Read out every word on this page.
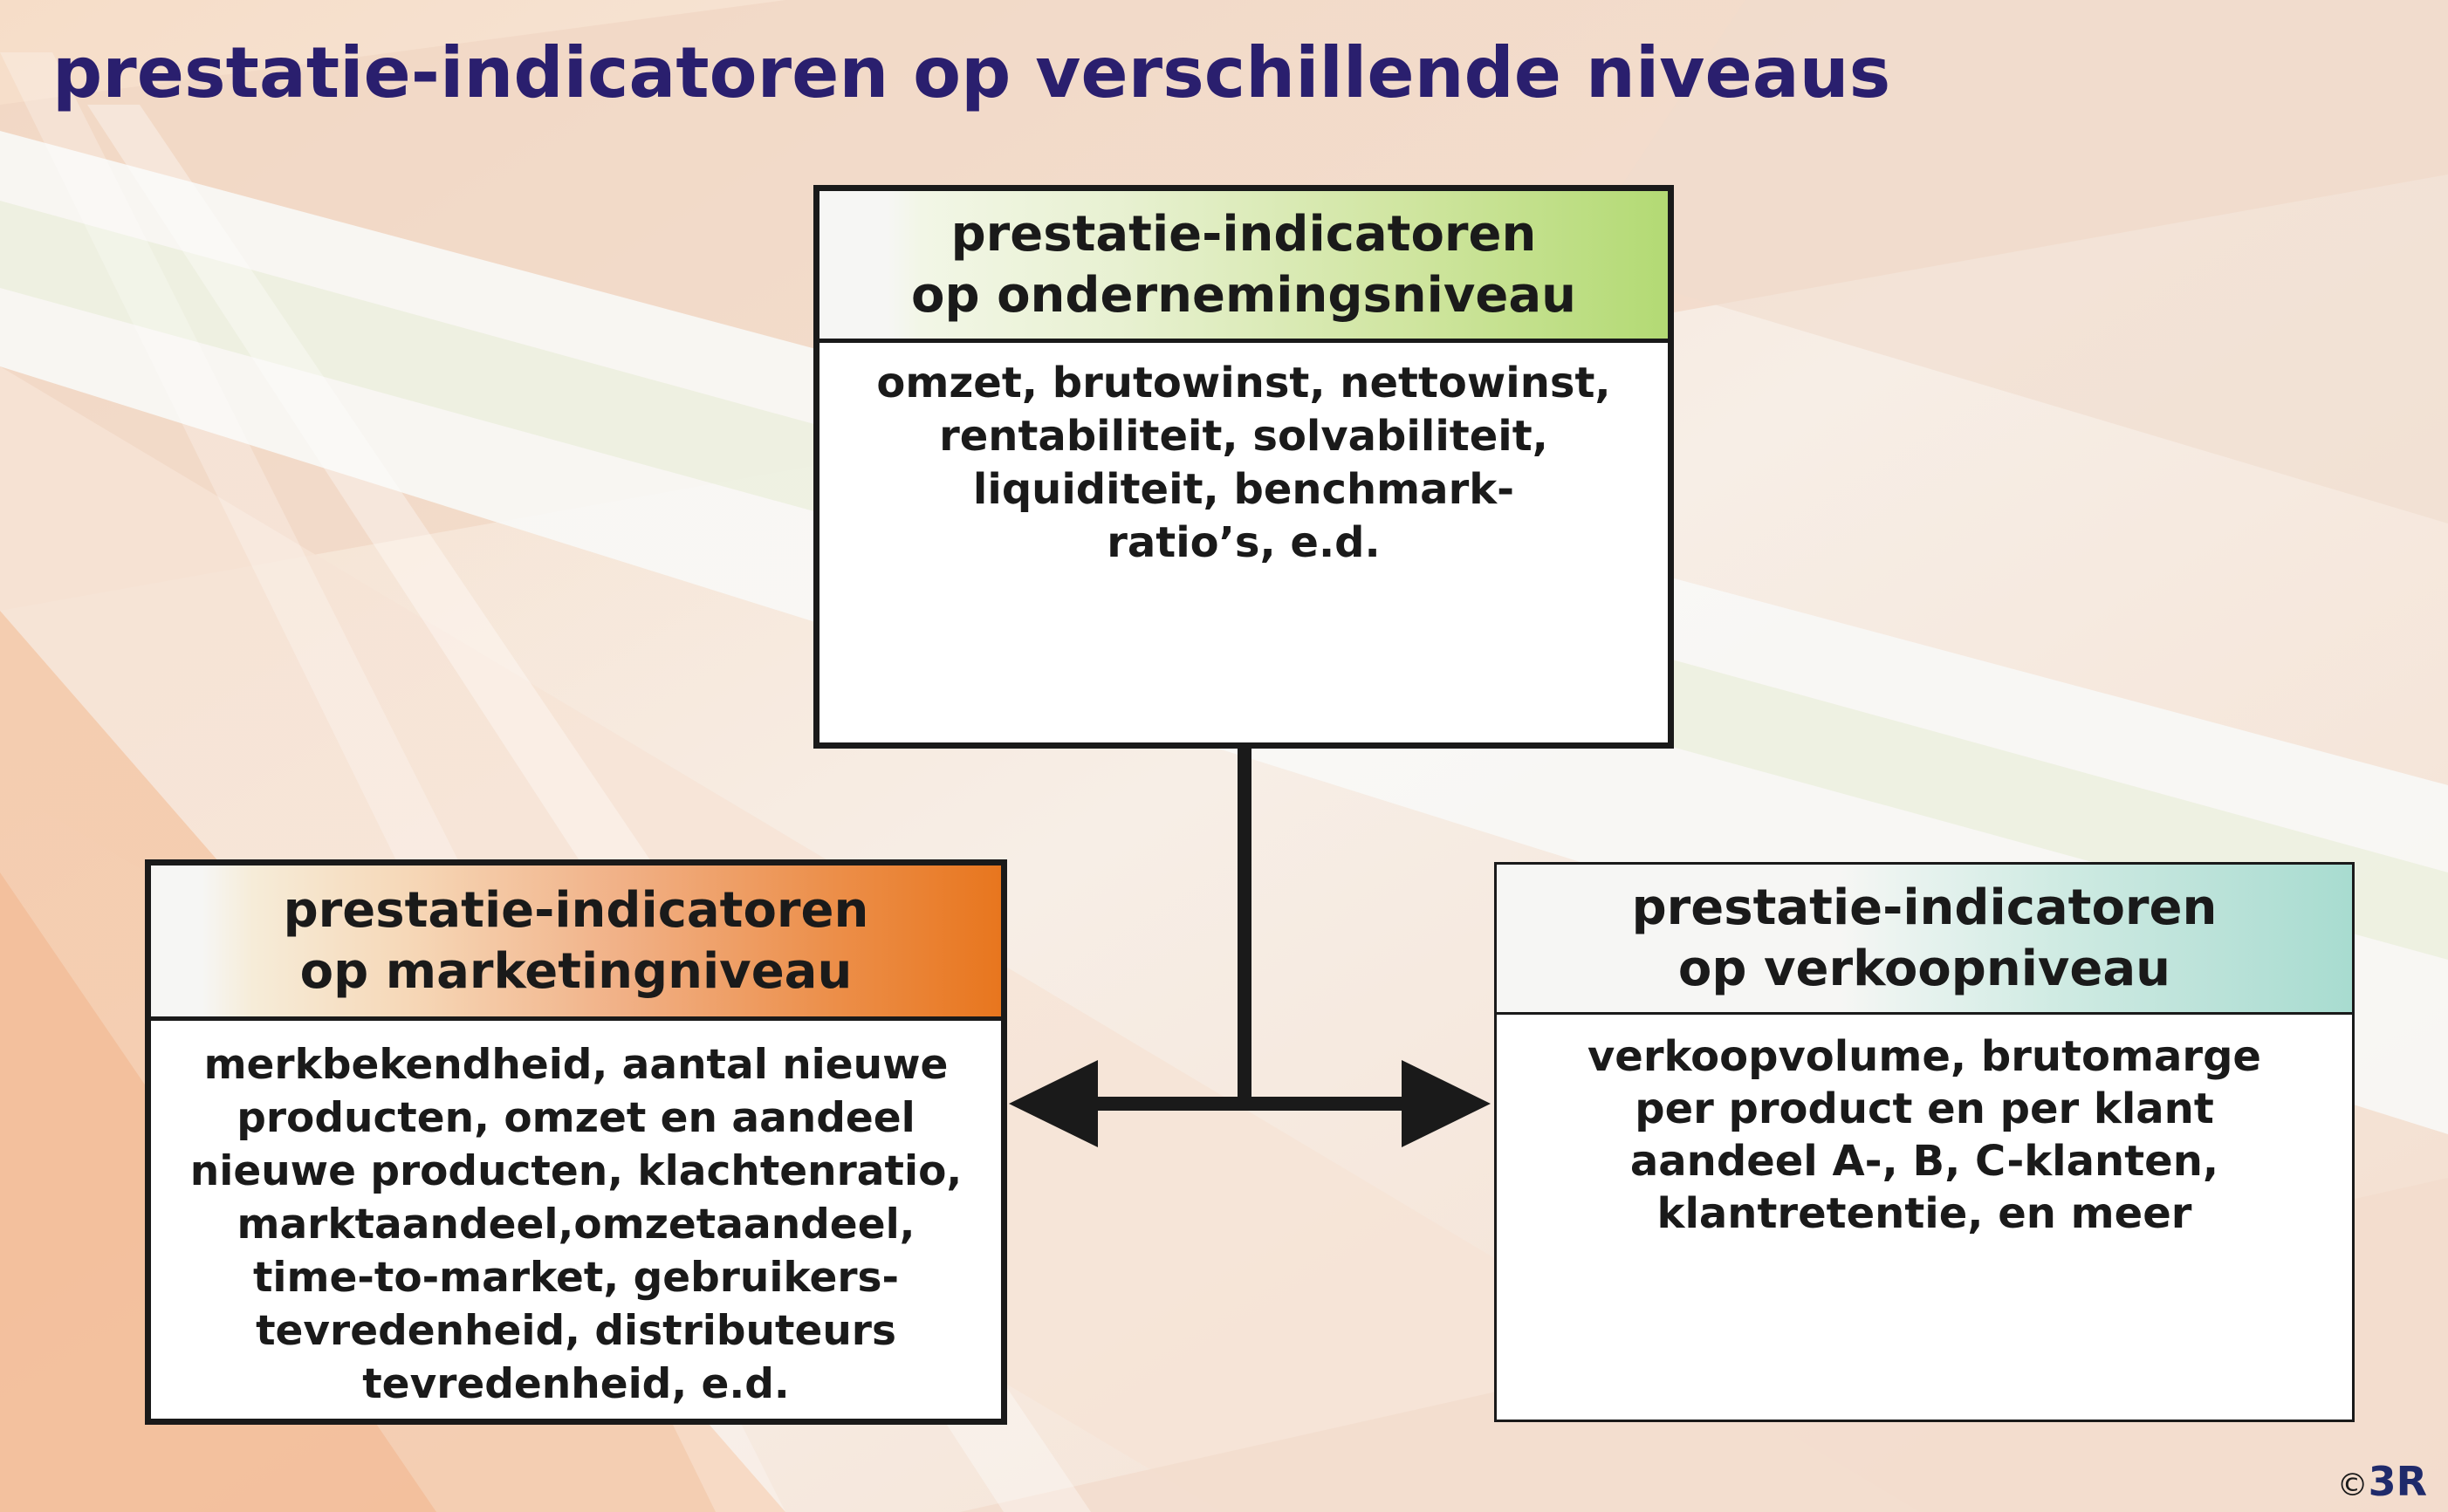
prestatie-indicatoren op verschillende niveaus
prestatie-indicatoren
op ondernemingsniveau
omzet, brutowinst, nettowinst,
rentabiliteit, solvabiliteit,
liquiditeit, benchmark-
ratio’s, e.d.
prestatie-indicatoren
op marketingniveau
merkbekendheid, aantal nieuwe
producten, omzet en aandeel
nieuwe producten, klachtenratio,
marktaandeel,omzetaandeel,
time-to-market, gebruikers-
tevredenheid, distributeurs
tevredenheid, e.d.
prestatie-indicatoren
op verkoopniveau
verkoopvolume, brutomarge
per product en per klant
aandeel A-, B, C-klanten,
klantretentie, en meer
©3R
